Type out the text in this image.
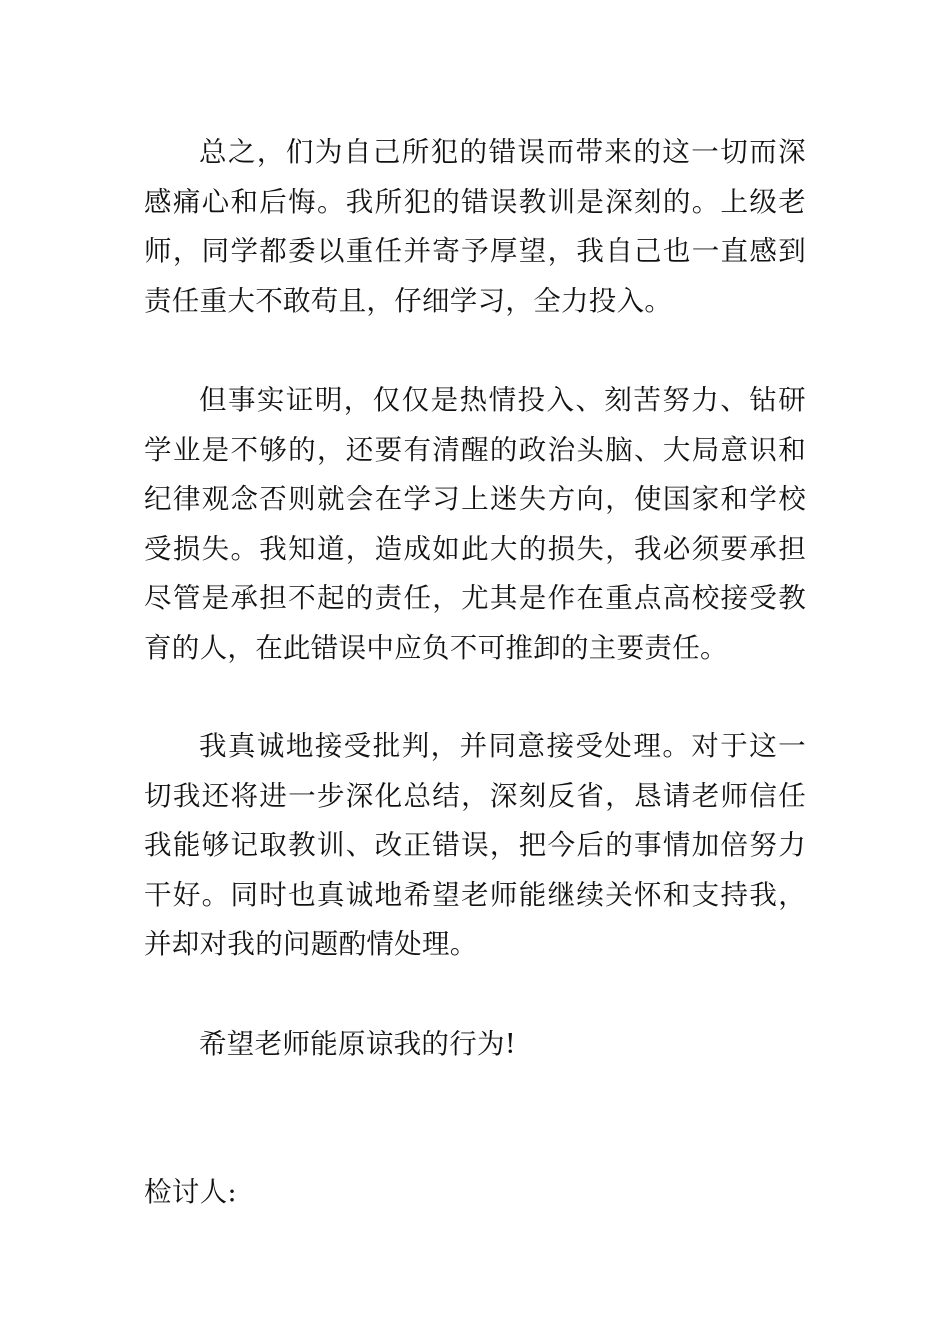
总之，们为自己所犯的错误而带来的这一切而深感痛心和后悔。我所犯的错误教训是深刻的。上级老师，同学都委以重任并寄予厚望，我自己也一直感到责任重大不敢苟且，仔细学习，全力投入。

但事实证明，仅仅是热情投入、刻苦努力、钻研学业是不够的，还要有清醒的政治头脑、大局意识和纪律观念否则就会在学习上迷失方向，使国家和学校受损失。我知道，造成如此大的损失，我必须要承担尽管是承担不起的责任，尤其是作在重点高校接受教育的人，在此错误中应负不可推卸的主要责任。

我真诚地接受批判，并同意接受处理。对于这一切我还将进一步深化总结，深刻反省，恳请老师信任我能够记取教训、改正错误，把今后的事情加倍努力干好。同时也真诚地希望老师能继续关怀和支持我，并却对我的问题酌情处理。

希望老师能原谅我的行为!

检讨人:
